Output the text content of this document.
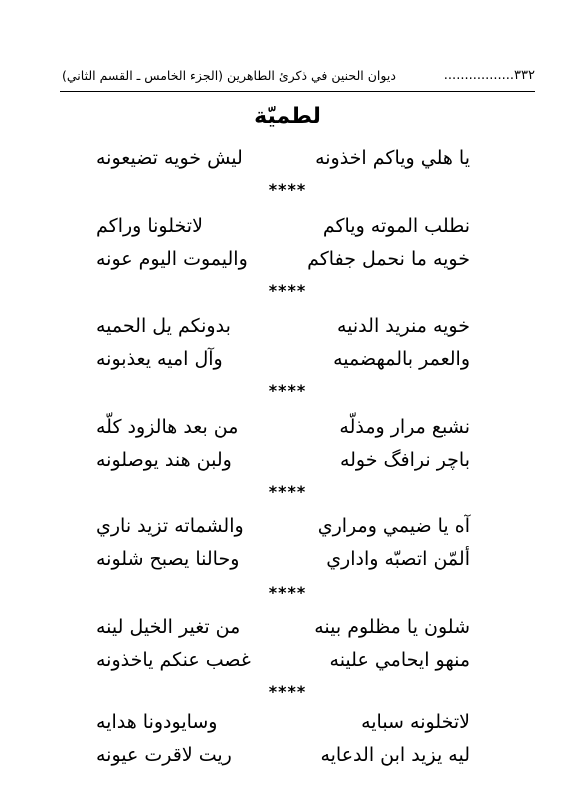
٣٣٢.................
ديوان الحنين في ذكرئ الطاهرين (الجزء الخامس ـ القسم الثاني)
لطميّة
يا هلي وياكم اخذونه
ليش خويه تضيعونه
****
نطلب الموته وياكم
لاتخلونا وراكم
خويه ما نحمل جفاكم
واليموت اليوم عونه
****
خويه منريد الدنيه
بدونكم يل الحميه
والعمر بالمهضميه
وآل اميه يعذبونه
****
نشبع مرار ومذلّه
من بعد هالزود كلّه
باچر نرافگ خوله
ولبن هند يوصلونه
****
آه يا ضيمي ومراري
والشماته تزيد ناري
ألمّن اتصبّه واداري
وحالنا يصبح شلونه
****
شلون يا مظلوم بينه
من تغير الخيل لينه
منهو ايحامي علينه
غصب عنكم ياخذونه
****
لاتخلونه سبايه
وسايودونا هدايه
ليه يزيد ابن الدعايه
ريت لاقرت عيونه
